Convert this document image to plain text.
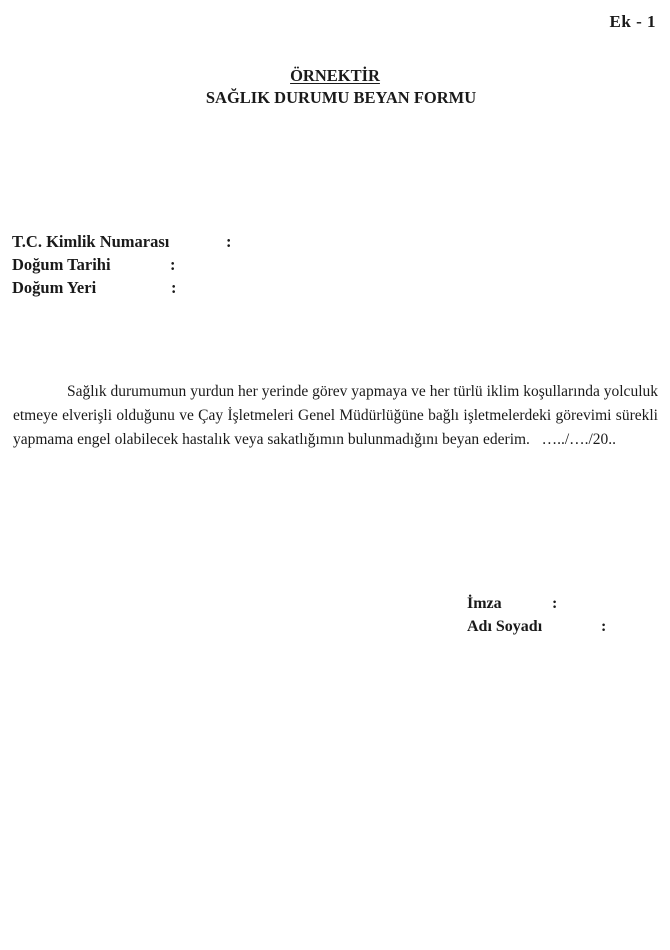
Ek - 1
ÖRNEKTİR
SAĞLIK DURUMU BEYAN FORMU
T.C. Kimlik Numarası	:
Doğum Tarihi	:
Doğum Yeri	:

Sağlık durumumun yurdun her yerinde görev yapmaya ve her türlü iklim koşullarında yolculuk etmeye elverişli olduğunu ve Çay İşletmeleri Genel Müdürlüğüne bağlı işletmelerdeki görevimi sürekli yapmama engel olabilecek hastalık veya sakatlığımın bulunmadığını beyan ederim. …../…./20..

İmza	:
Adı Soyadı	:
